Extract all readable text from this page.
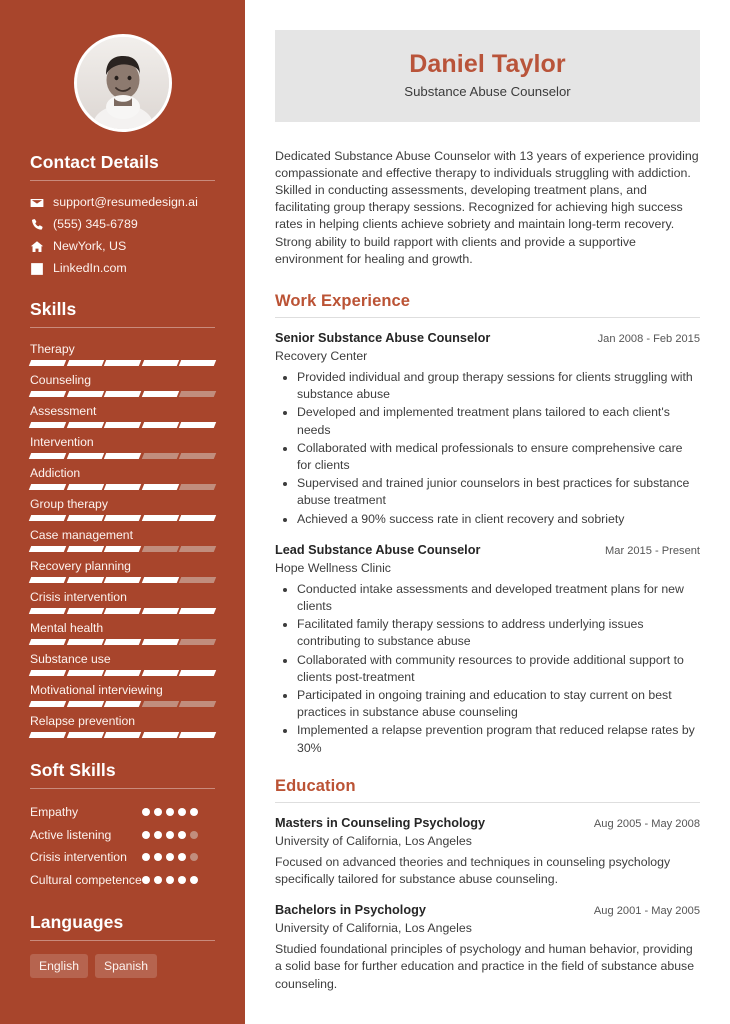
Contact Details
support@resumedesign.ai
(555) 345-6789
NewYork, US
LinkedIn.com
Skills
Therapy
Counseling
Assessment
Intervention
Addiction
Group therapy
Case management
Recovery planning
Crisis intervention
Mental health
Substance use
Motivational interviewing
Relapse prevention
Soft Skills
Empathy
Active listening
Crisis intervention
Cultural competence
Languages
English	Spanish
Daniel Taylor

Substance Abuse Counselor

Dedicated Substance Abuse Counselor with 13 years of experience providing compassionate and effective therapy to individuals struggling with addiction. Skilled in conducting assessments, developing treatment plans, and facilitating group therapy sessions. Recognized for achieving high success rates in helping clients achieve sobriety and maintain long-term recovery. Strong ability to build rapport with clients and provide a supportive environment for healing and growth.

Work Experience
Senior Substance Abuse Counselor	Jan 2008 - Feb 2015
Recovery Center
• Provided individual and group therapy sessions for clients struggling with substance abuse
• Developed and implemented treatment plans tailored to each client's needs
• Collaborated with medical professionals to ensure comprehensive care for clients
• Supervised and trained junior counselors in best practices for substance abuse treatment
• Achieved a 90% success rate in client recovery and sobriety
Lead Substance Abuse Counselor	Mar 2015 - Present
Hope Wellness Clinic
• Conducted intake assessments and developed treatment plans for new clients
• Facilitated family therapy sessions to address underlying issues contributing to substance abuse
• Collaborated with community resources to provide additional support to clients post-treatment
• Participated in ongoing training and education to stay current on best practices in substance abuse counseling
• Implemented a relapse prevention program that reduced relapse rates by 30%
Education
Masters in Counseling Psychology	Aug 2005 - May 2008
University of California, Los Angeles

Focused on advanced theories and techniques in counseling psychology specifically tailored for substance abuse counseling.

Bachelors in Psychology	Aug 2001 - May 2005
University of California, Los Angeles

Studied foundational principles of psychology and human behavior, providing a solid base for further education and practice in the field of substance abuse counseling.
